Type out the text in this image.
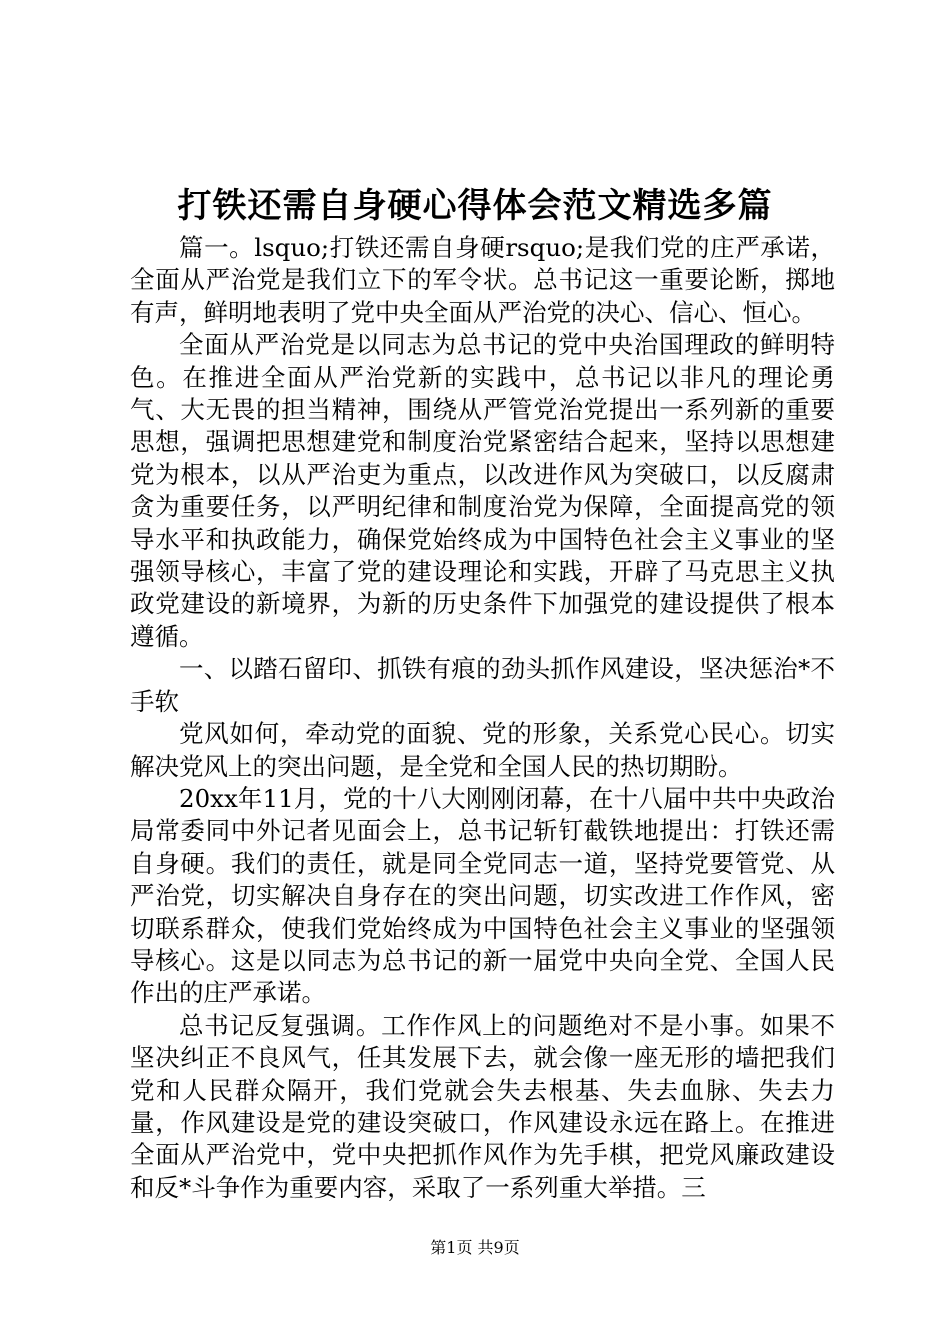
打铁还需自身硬心得体会范文精选多篇

篇一。lsquo;打铁还需自身硬rsquo;是我们党的庄严承诺，全面从严治党是我们立下的军令状。总书记这一重要论断，掷地有声，鲜明地表明了党中央全面从严治党的决心、信心、恒心。

全面从严治党是以同志为总书记的党中央治国理政的鲜明特色。在推进全面从严治党新的实践中，总书记以非凡的理论勇气、大无畏的担当精神，围绕从严管党治党提出一系列新的重要思想，强调把思想建党和制度治党紧密结合起来，坚持以思想建党为根本，以从严治吏为重点，以改进作风为突破口，以反腐肃贪为重要任务，以严明纪律和制度治党为保障，全面提高党的领导水平和执政能力，确保党始终成为中国特色社会主义事业的坚强领导核心，丰富了党的建设理论和实践，开辟了马克思主义执政党建设的新境界，为新的历史条件下加强党的建设提供了根本遵循。

一、以踏石留印、抓铁有痕的劲头抓作风建设，坚决惩治*不手软

党风如何，牵动党的面貌、党的形象，关系党心民心。切实解决党风上的突出问题，是全党和全国人民的热切期盼。

20xx年11月，党的十八大刚刚闭幕，在十八届中共中央政治局常委同中外记者见面会上，总书记斩钉截铁地提出：打铁还需自身硬。我们的责任，就是同全党同志一道，坚持党要管党、从严治党，切实解决自身存在的突出问题，切实改进工作作风，密切联系群众，使我们党始终成为中国特色社会主义事业的坚强领导核心。这是以同志为总书记的新一届党中央向全党、全国人民作出的庄严承诺。

总书记反复强调。工作作风上的问题绝对不是小事。如果不坚决纠正不良风气，任其发展下去，就会像一座无形的墙把我们党和人民群众隔开，我们党就会失去根基、失去血脉、失去力量，作风建设是党的建设突破口，作风建设永远在路上。在推进全面从严治党中，党中央把抓作风作为先手棋，把党风廉政建设和反*斗争作为重要内容，采取了一系列重大举措。三

第1页 共9页
